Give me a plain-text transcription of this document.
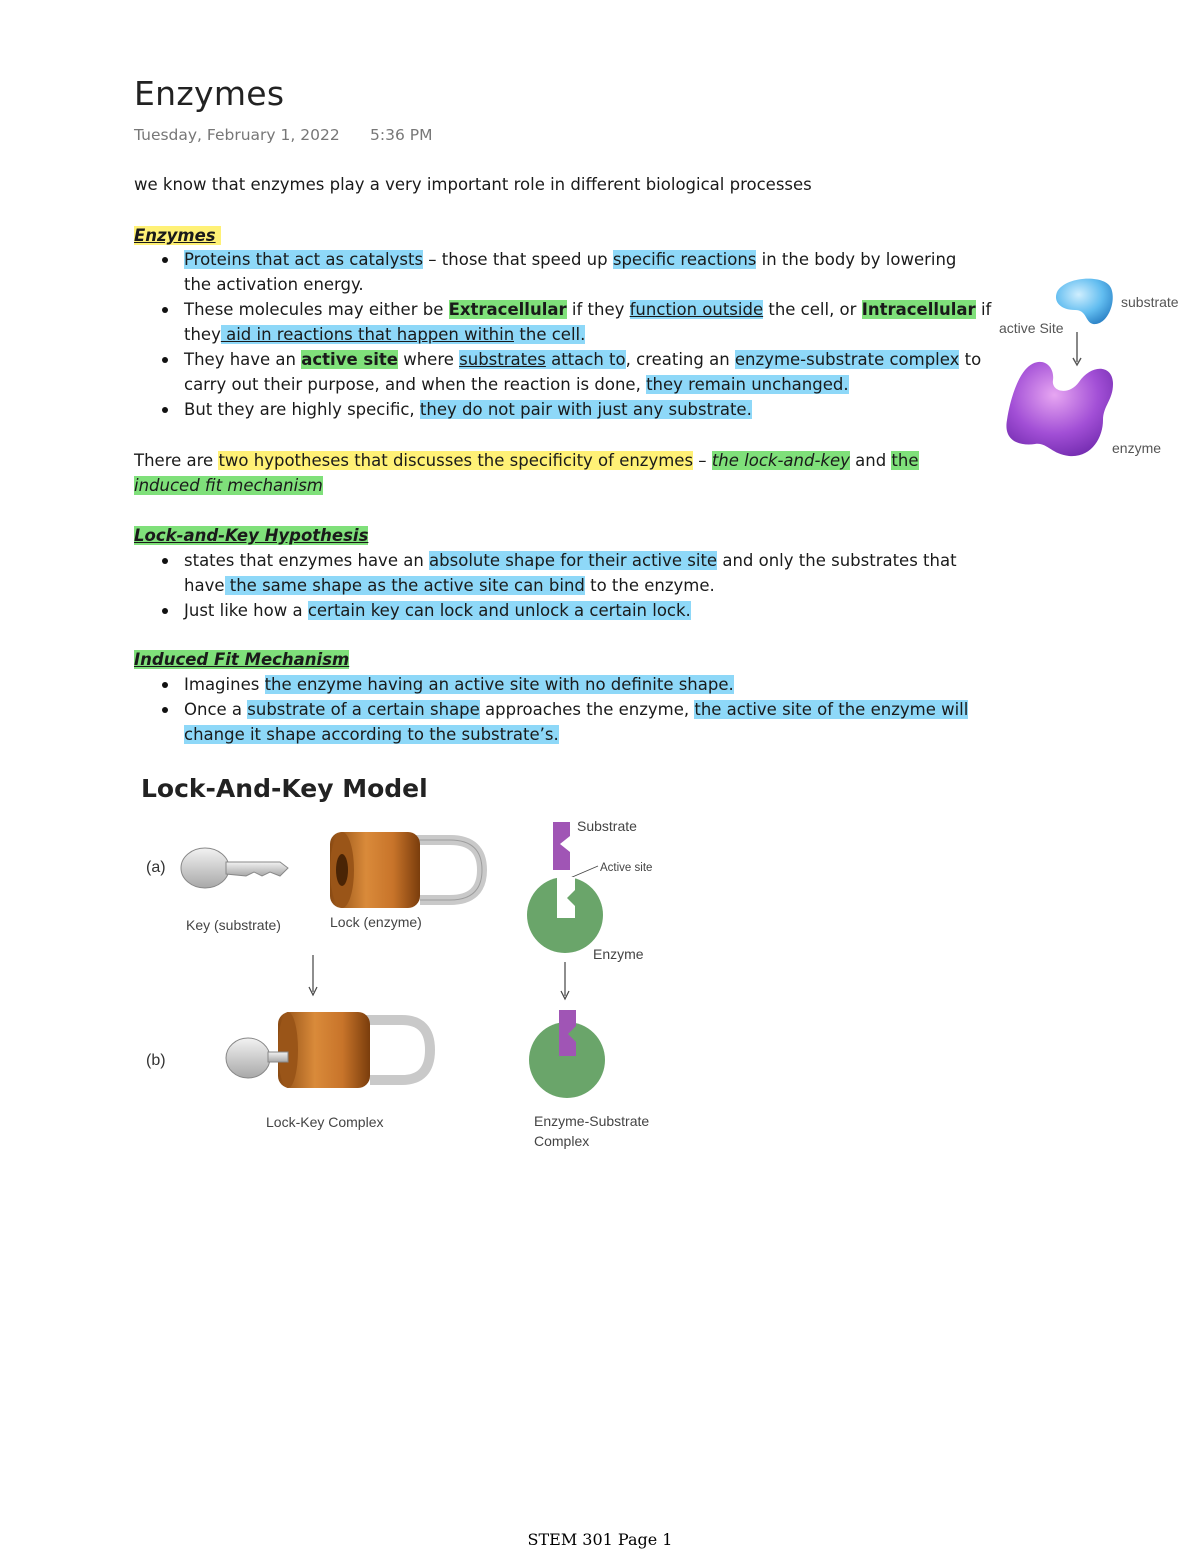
Enzymes
Tuesday, February 1, 2022 5:36 PM
we know that enzymes play a very important role in different biological processes
Enzymes
Proteins that act as catalysts – those that speed up specific reactions in the body by lowering
the activation energy.
These molecules may either be Extracellular if they function outside the cell, or Intracellular if
they aid in reactions that happen within the cell.
They have an active site where substrates attach to, creating an enzyme-substrate complex to
carry out their purpose, and when the reaction is done, they remain unchanged.
But they are highly specific, they do not pair with just any substrate.
substrate
active Site
enzyme
There are two hypotheses that discusses the specificity of enzymes – the lock-and-key and the
induced fit mechanism
Lock-and-Key Hypothesis
states that enzymes have an absolute shape for their active site and only the substrates that
have the same shape as the active site can bind to the enzyme.
Just like how a certain key can lock and unlock a certain lock.
Induced Fit Mechanism
Imagines the enzyme having an active site with no definite shape.
Once a substrate of a certain shape approaches the enzyme, the active site of the enzyme will
change it shape according to the substrate’s.
Lock-And-Key Model
(a)
(b)
Key (substrate)	Lock (enzyme)
Lock-Key Complex
Substrate
Active site
Enzyme
Enzyme-Substrate
Complex
STEM 301 Page 1
